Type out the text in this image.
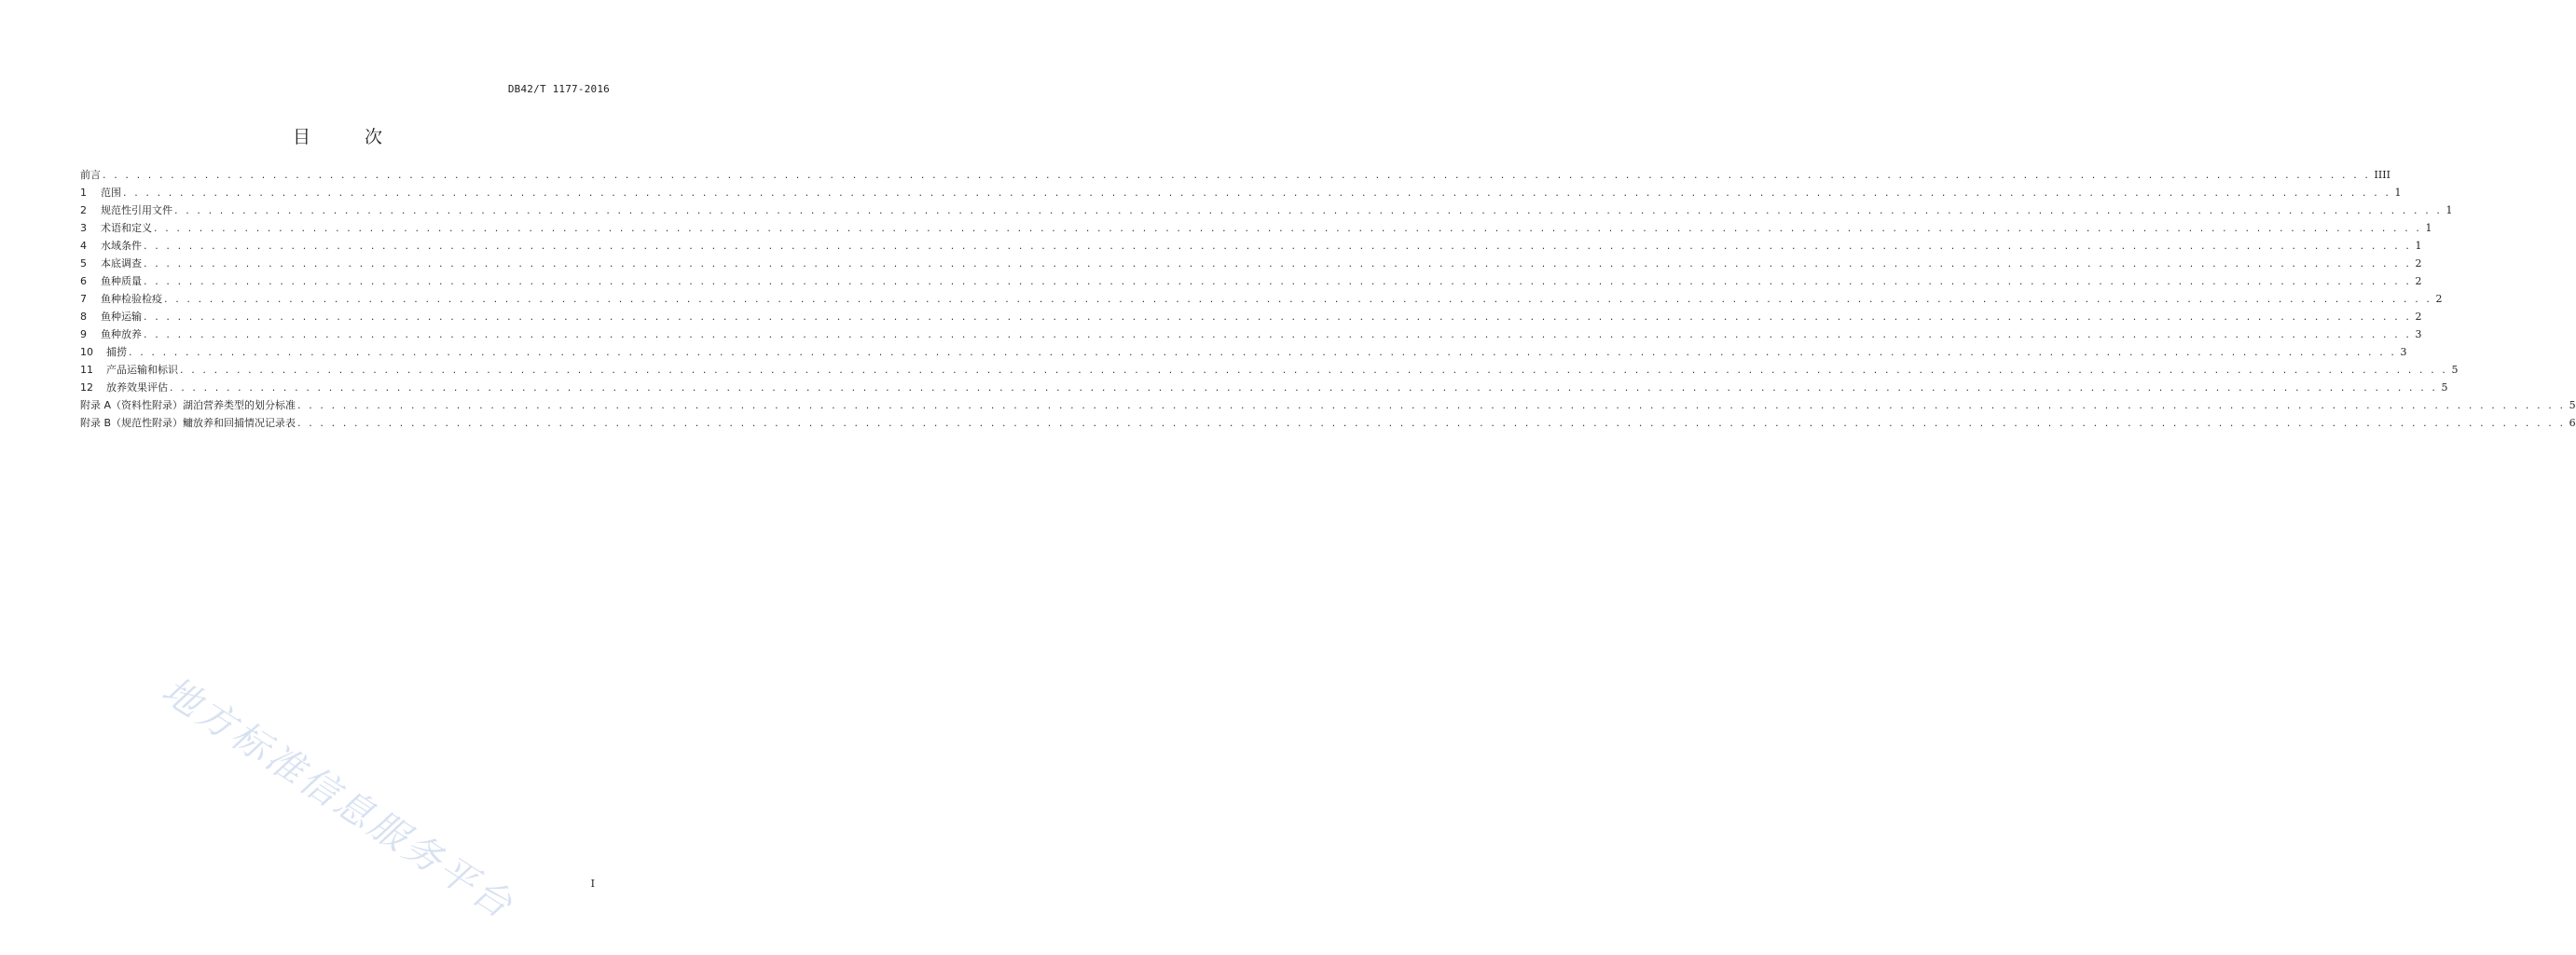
DB42/T 1177-2016
目 次
前言 . . . . . . . . . . . . . . . . . . . . . . . . . . . . . . . . . . . . . . . . . . . . . . . . . . . . . . . . . . . . . . . . . . . . . . . . . . . . . . . . . . . . . . . . . . . . . . . . . . . . . . . . . . . . . . . . . . . . . . . . . . . . . . . . . . . . . . . . . . . . . . . . . . . . . . . . . . . . . . . . . . . . . . . . . . . . . . . . . . . . . . . . . . . . . . . . . . . . . . . . IIII
1	范围 . . . . . . . . . . . . . . . . . . . . . . . . . . . . . . . . . . . . . . . . . . . . . . . . . . . . . . . . . . . . . . . . . . . . . . . . . . . . . . . . . . . . . . . . . . . . . . . . . . . . . . . . . . . . . . . . . . . . . . . . . . . . . . . . . . . . . . . . . . . . . . . . . . . . . . . . . . . . . . . . . . . . . . . . . . . . . . . . . . . . . . . . . . . . . . . . . . . . . . . . 1
2	规范性引用文件 . . . . . . . . . . . . . . . . . . . . . . . . . . . . . . . . . . . . . . . . . . . . . . . . . . . . . . . . . . . . . . . . . . . . . . . . . . . . . . . . . . . . . . . . . . . . . . . . . . . . . . . . . . . . . . . . . . . . . . . . . . . . . . . . . . . . . . . . . . . . . . . . . . . . . . . . . . . . . . . . . . . . . . . . . . . . . . . . . . . . . . . . . . . . . . . . . . . . . . . . 1
3	术语和定义 . . . . . . . . . . . . . . . . . . . . . . . . . . . . . . . . . . . . . . . . . . . . . . . . . . . . . . . . . . . . . . . . . . . . . . . . . . . . . . . . . . . . . . . . . . . . . . . . . . . . . . . . . . . . . . . . . . . . . . . . . . . . . . . . . . . . . . . . . . . . . . . . . . . . . . . . . . . . . . . . . . . . . . . . . . . . . . . . . . . . . . . . . . . . . . . . . . . . . . . . 1
4	水域条件 . . . . . . . . . . . . . . . . . . . . . . . . . . . . . . . . . . . . . . . . . . . . . . . . . . . . . . . . . . . . . . . . . . . . . . . . . . . . . . . . . . . . . . . . . . . . . . . . . . . . . . . . . . . . . . . . . . . . . . . . . . . . . . . . . . . . . . . . . . . . . . . . . . . . . . . . . . . . . . . . . . . . . . . . . . . . . . . . . . . . . . . . . . . . . . . . . . . . . . . . 1
5	本底调查 . . . . . . . . . . . . . . . . . . . . . . . . . . . . . . . . . . . . . . . . . . . . . . . . . . . . . . . . . . . . . . . . . . . . . . . . . . . . . . . . . . . . . . . . . . . . . . . . . . . . . . . . . . . . . . . . . . . . . . . . . . . . . . . . . . . . . . . . . . . . . . . . . . . . . . . . . . . . . . . . . . . . . . . . . . . . . . . . . . . . . . . . . . . . . . . . . . . . . . . . 2
6	鱼种质量 . . . . . . . . . . . . . . . . . . . . . . . . . . . . . . . . . . . . . . . . . . . . . . . . . . . . . . . . . . . . . . . . . . . . . . . . . . . . . . . . . . . . . . . . . . . . . . . . . . . . . . . . . . . . . . . . . . . . . . . . . . . . . . . . . . . . . . . . . . . . . . . . . . . . . . . . . . . . . . . . . . . . . . . . . . . . . . . . . . . . . . . . . . . . . . . . . . . . . . . . 2
7	鱼种检验检疫 . . . . . . . . . . . . . . . . . . . . . . . . . . . . . . . . . . . . . . . . . . . . . . . . . . . . . . . . . . . . . . . . . . . . . . . . . . . . . . . . . . . . . . . . . . . . . . . . . . . . . . . . . . . . . . . . . . . . . . . . . . . . . . . . . . . . . . . . . . . . . . . . . . . . . . . . . . . . . . . . . . . . . . . . . . . . . . . . . . . . . . . . . . . . . . . . . . . . . . . . 2
8	鱼种运输 . . . . . . . . . . . . . . . . . . . . . . . . . . . . . . . . . . . . . . . . . . . . . . . . . . . . . . . . . . . . . . . . . . . . . . . . . . . . . . . . . . . . . . . . . . . . . . . . . . . . . . . . . . . . . . . . . . . . . . . . . . . . . . . . . . . . . . . . . . . . . . . . . . . . . . . . . . . . . . . . . . . . . . . . . . . . . . . . . . . . . . . . . . . . . . . . . . . . . . . . 2
9	鱼种放养 . . . . . . . . . . . . . . . . . . . . . . . . . . . . . . . . . . . . . . . . . . . . . . . . . . . . . . . . . . . . . . . . . . . . . . . . . . . . . . . . . . . . . . . . . . . . . . . . . . . . . . . . . . . . . . . . . . . . . . . . . . . . . . . . . . . . . . . . . . . . . . . . . . . . . . . . . . . . . . . . . . . . . . . . . . . . . . . . . . . . . . . . . . . . . . . . . . . . . . . . 3
10	捕捞 . . . . . . . . . . . . . . . . . . . . . . . . . . . . . . . . . . . . . . . . . . . . . . . . . . . . . . . . . . . . . . . . . . . . . . . . . . . . . . . . . . . . . . . . . . . . . . . . . . . . . . . . . . . . . . . . . . . . . . . . . . . . . . . . . . . . . . . . . . . . . . . . . . . . . . . . . . . . . . . . . . . . . . . . . . . . . . . . . . . . . . . . . . . . . . . . . . . . . . . . 3
11	产品运输和标识 . . . . . . . . . . . . . . . . . . . . . . . . . . . . . . . . . . . . . . . . . . . . . . . . . . . . . . . . . . . . . . . . . . . . . . . . . . . . . . . . . . . . . . . . . . . . . . . . . . . . . . . . . . . . . . . . . . . . . . . . . . . . . . . . . . . . . . . . . . . . . . . . . . . . . . . . . . . . . . . . . . . . . . . . . . . . . . . . . . . . . . . . . . . . . . . . . . . . . . . . 5
12	放养效果评估 . . . . . . . . . . . . . . . . . . . . . . . . . . . . . . . . . . . . . . . . . . . . . . . . . . . . . . . . . . . . . . . . . . . . . . . . . . . . . . . . . . . . . . . . . . . . . . . . . . . . . . . . . . . . . . . . . . . . . . . . . . . . . . . . . . . . . . . . . . . . . . . . . . . . . . . . . . . . . . . . . . . . . . . . . . . . . . . . . . . . . . . . . . . . . . . . . . . . . . . . 5
附录 A（资料性附录）湖泊营养类型的划分标准 . . . . . . . . . . . . . . . . . . . . . . . . . . . . . . . . . . . . . . . . . . . . . . . . . . . . . . . . . . . . . . . . . . . . . . . . . . . . . . . . . . . . . . . . . . . . . . . . . . . . . . . . . . . . . . . . . . . . . . . . . . . . . . . . . . . . . . . . . . . . . . . . . . . . . . . . . . . . . . . . . . . . . . . . . . . . . . . . . . . . . . . . . . . . . . . . . . . . . . . . 5
附录 B（规范性附录）鳙放养和回捕情况记录表 . . . . . . . . . . . . . . . . . . . . . . . . . . . . . . . . . . . . . . . . . . . . . . . . . . . . . . . . . . . . . . . . . . . . . . . . . . . . . . . . . . . . . . . . . . . . . . . . . . . . . . . . . . . . . . . . . . . . . . . . . . . . . . . . . . . . . . . . . . . . . . . . . . . . . . . . . . . . . . . . . . . . . . . . . . . . . . . . . . . . . . . . . . . . . . . . . . . . . . . . 6
地方标准信息服务平台	I
